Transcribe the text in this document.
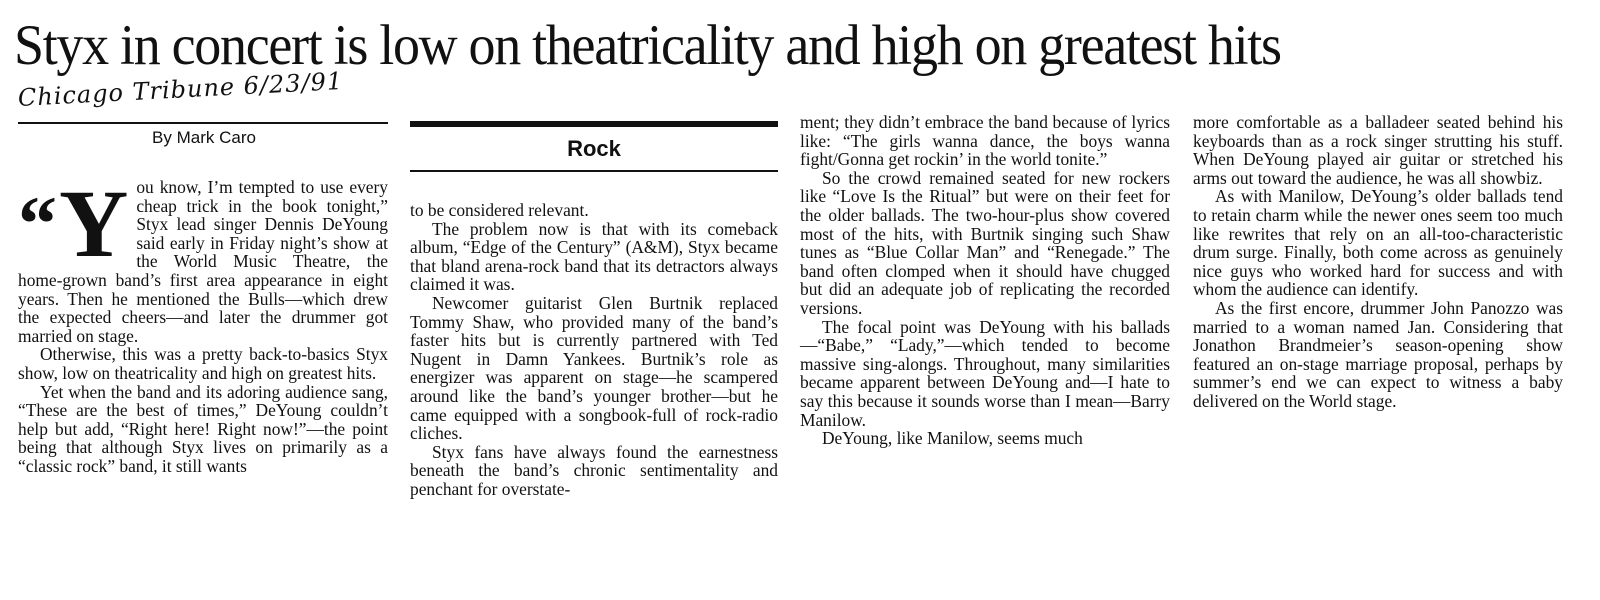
Styx in concert is low on theatricality and high on greatest hits
Chicago Tribune 6/23/91
By Mark Caro	Rock

“Y ou know, I’m tempted to use every cheap trick in the book tonight,” Styx lead singer Dennis DeYoung said early in Friday night’s show at the World Music Theatre, the home-grown band’s first area appearance in eight years. Then he mentioned the Bulls—which drew the expected cheers—and later the drummer got married on stage.

Otherwise, this was a pretty back-to-basics Styx show, low on theatricality and high on greatest hits.

Yet when the band and its adoring audience sang, “These are the best of times,” DeYoung couldn’t help but add, “Right here! Right now!”—the point being that although Styx lives on primarily as a “classic rock” band, it still wants

to be considered relevant.

The problem now is that with its comeback album, “Edge of the Century” (A&M), Styx became that bland arena-rock band that its detractors always claimed it was.

Newcomer guitarist Glen Burtnik replaced Tommy Shaw, who provided many of the band’s faster hits but is currently partnered with Ted Nugent in Damn Yankees. Burtnik’s role as energizer was apparent on stage—he scampered around like the band’s younger brother—but he came equipped with a songbook-full of rock-radio cliches.

Styx fans have always found the earnestness beneath the band’s chronic sentimentality and penchant for overstate-

ment; they didn’t embrace the band because of lyrics like: “The girls wanna dance, the boys wanna fight/Gonna get rockin’ in the world tonite.”

So the crowd remained seated for new rockers like “Love Is the Ritual” but were on their feet for the older ballads. The two-hour-plus show covered most of the hits, with Burtnik singing such Shaw tunes as “Blue Collar Man” and “Renegade.” The band often clomped when it should have chugged but did an adequate job of replicating the recorded versions.

The focal point was DeYoung with his ballads—“Babe,” “Lady,”—which tended to become massive sing-alongs. Throughout, many similarities became apparent between DeYoung and—I hate to say this because it sounds worse than I mean—Barry Manilow.

DeYoung, like Manilow, seems much

more comfortable as a balladeer seated behind his keyboards than as a rock singer strutting his stuff. When DeYoung played air guitar or stretched his arms out toward the audience, he was all showbiz.

As with Manilow, DeYoung’s older ballads tend to retain charm while the newer ones seem too much like rewrites that rely on an all-too-characteristic drum surge. Finally, both come across as genuinely nice guys who worked hard for success and with whom the audience can identify.

As the first encore, drummer John Panozzo was married to a woman named Jan. Considering that Jonathon Brandmeier’s season-opening show featured an on-stage marriage proposal, perhaps by summer’s end we can expect to witness a baby delivered on the World stage.
